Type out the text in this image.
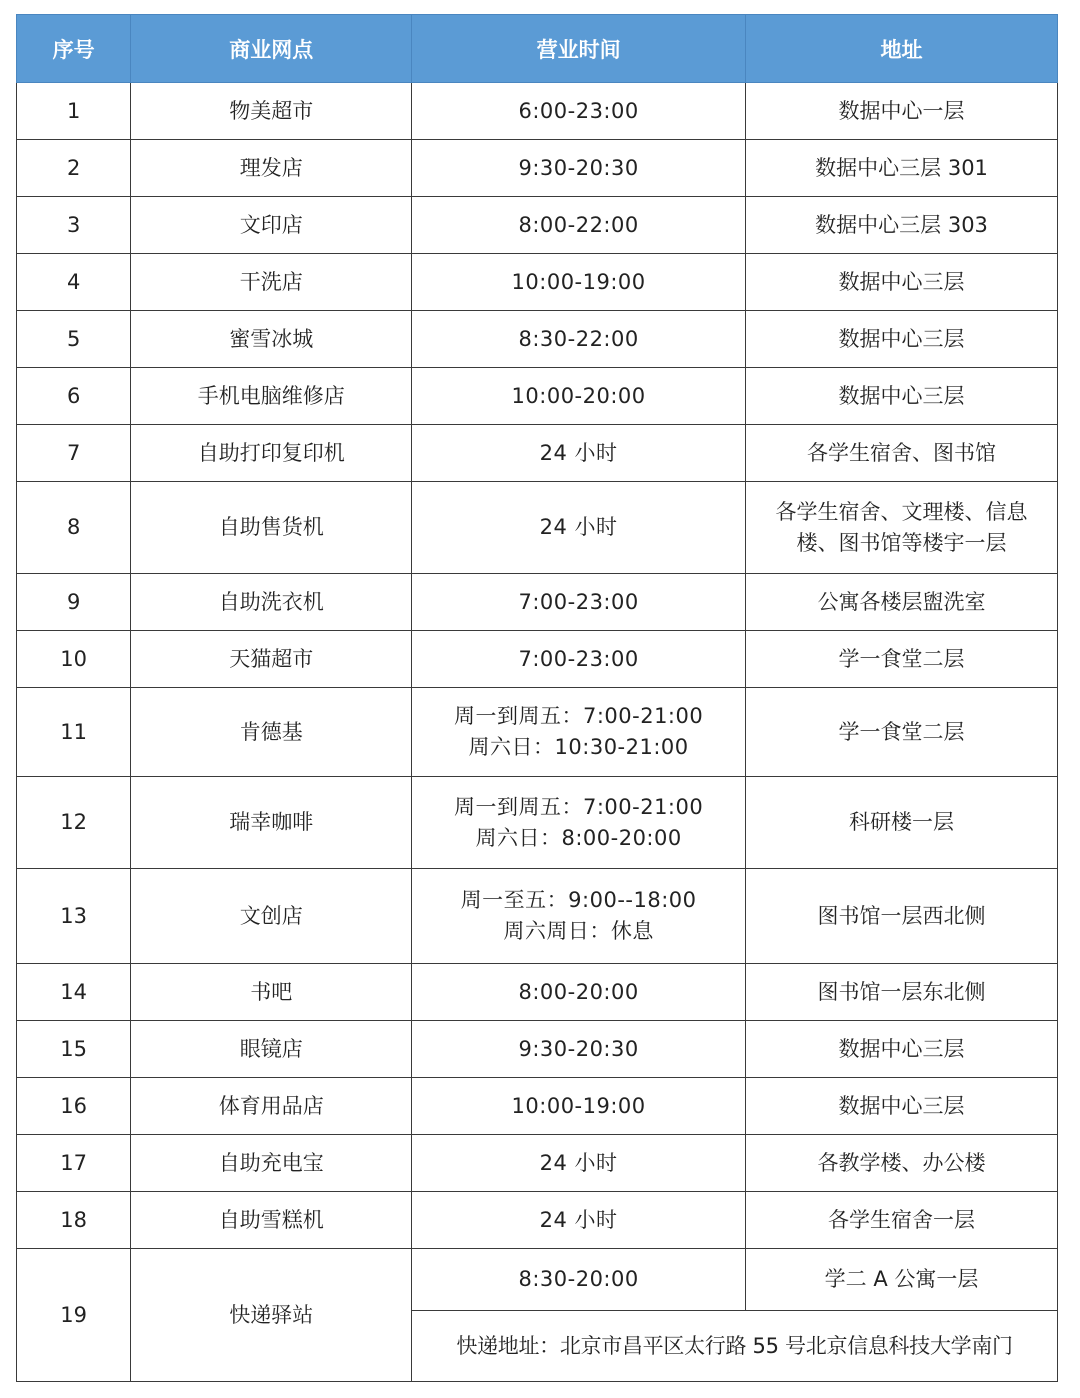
序号	商业网点	营业时间	地址
1	物美超市	6:00-23:00	数据中心一层
2	理发店	9:30-20:30	数据中心三层 301
3	文印店	8:00-22:00	数据中心三层 303
4	干洗店	10:00-19:00	数据中心三层
5	蜜雪冰城	8:30-22:00	数据中心三层
6	手机电脑维修店	10:00-20:00	数据中心三层
7	自助打印复印机	24 小时	各学生宿舍、图书馆
8	自助售货机	24 小时	各学生宿舍、文理楼、信息
楼、图书馆等楼宇一层

9	自助洗衣机	7:00-23:00	公寓各楼层盥洗室
10	天猫超市	7:00-23:00	学一食堂二层
11	肯德基	周一到周五：7:00-21:00
周六日：10:30-21:00	学一食堂二层
12	瑞幸咖啡	周一到周五：7:00-21:00
周六日：8:00-20:00	科研楼一层
13	文创店	周一至五：9:00--18:00
周六周日：休息	图书馆一层西北侧
14	书吧	8:00-20:00	图书馆一层东北侧
15	眼镜店	9:30-20:30	数据中心三层
16	体育用品店	10:00-19:00	数据中心三层
17	自助充电宝	24 小时	各教学楼、办公楼
18	自助雪糕机	24 小时	各学生宿舍一层
19	快递驿站	8:30-20:00	学二 A 公寓一层
		快递地址：北京市昌平区太行路 55 号北京信息科技大学南门	
